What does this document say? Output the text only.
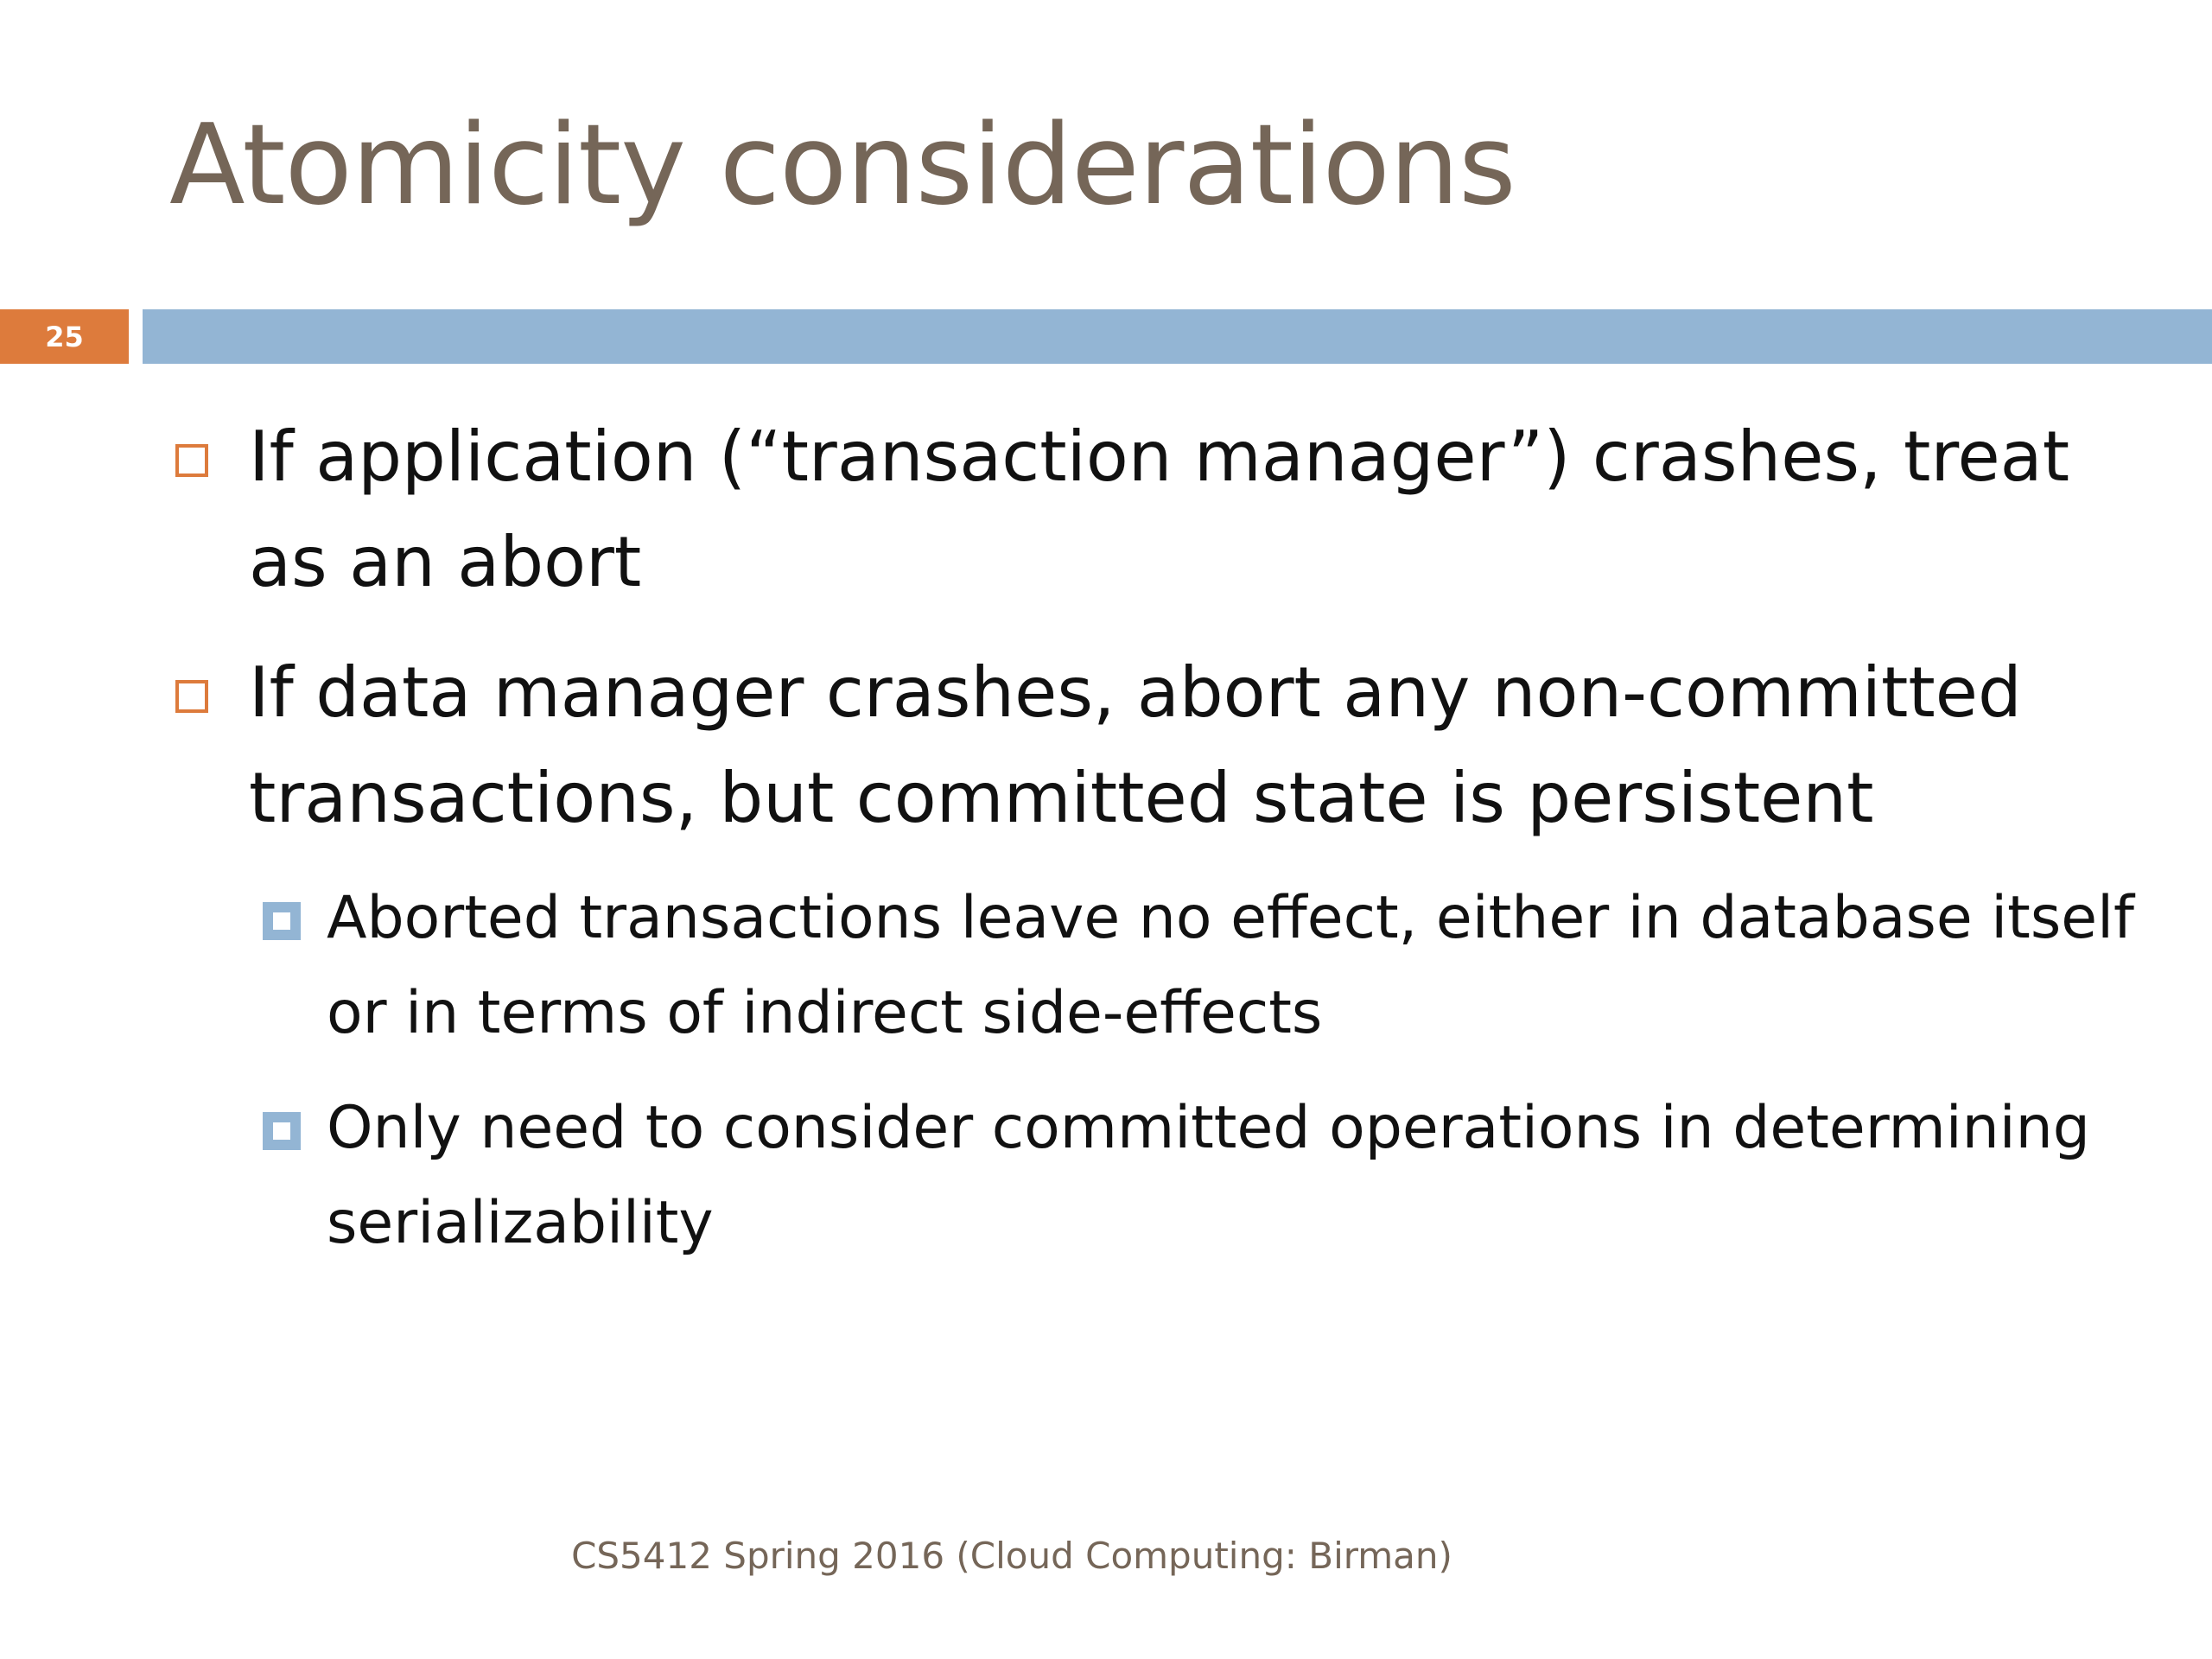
Atomicity considerations
25
If application (“transaction manager”) crashes, treat as an abort
If data manager crashes, abort any non-committed transactions, but committed state is persistent
Aborted transactions leave no effect, either in database itself or in terms of indirect side-effects
Only need to consider committed operations in determining serializability
CS5412 Spring 2016 (Cloud Computing: Birman)
